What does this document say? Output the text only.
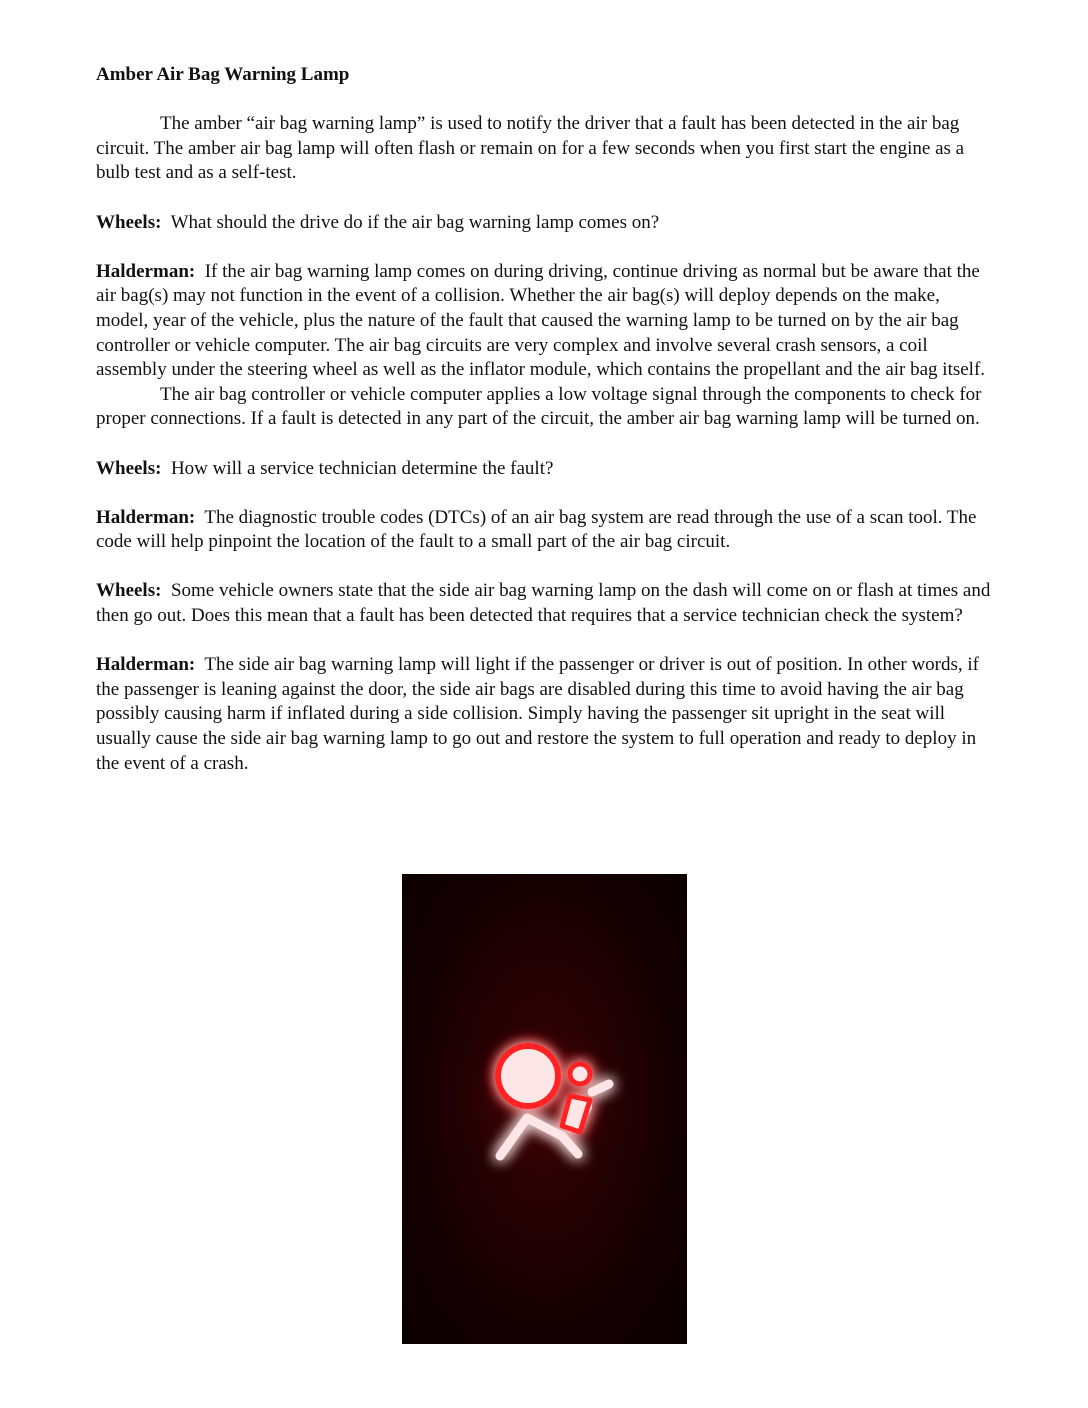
Amber Air Bag Warning Lamp

The amber “air bag warning lamp” is used to notify the driver that a fault has been detected in the air bag circuit. The amber air bag lamp will often flash or remain on for a few seconds when you first start the engine as a bulb test and as a self-test.

Wheels: What should the drive do if the air bag warning lamp comes on?

Halderman: If the air bag warning lamp comes on during driving, continue driving as normal but be aware that the air bag(s) may not function in the event of a collision. Whether the air bag(s) will deploy depends on the make, model, year of the vehicle, plus the nature of the fault that caused the warning lamp to be turned on by the air bag controller or vehicle computer. The air bag circuits are very complex and involve several crash sensors, a coil assembly under the steering wheel as well as the inflator module, which contains the propellant and the air bag itself.

The air bag controller or vehicle computer applies a low voltage signal through the components to check for proper connections. If a fault is detected in any part of the circuit, the amber air bag warning lamp will be turned on.

Wheels: How will a service technician determine the fault?

Halderman: The diagnostic trouble codes (DTCs) of an air bag system are read through the use of a scan tool. The code will help pinpoint the location of the fault to a small part of the air bag circuit.

Wheels: Some vehicle owners state that the side air bag warning lamp on the dash will come on or flash at times and then go out. Does this mean that a fault has been detected that requires that a service technician check the system?

Halderman: The side air bag warning lamp will light if the passenger or driver is out of position. In other words, if the passenger is leaning against the door, the side air bags are disabled during this time to avoid having the air bag possibly causing harm if inflated during a side collision. Simply having the passenger sit upright in the seat will usually cause the side air bag warning lamp to go out and restore the system to full operation and ready to deploy in the event of a crash.
